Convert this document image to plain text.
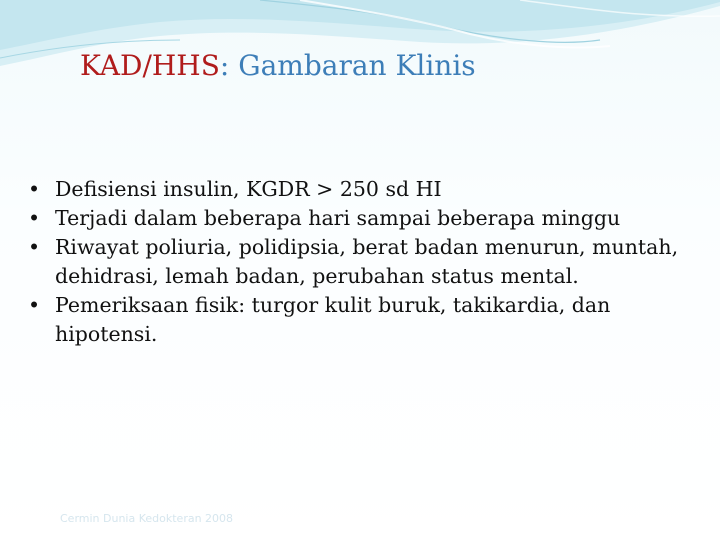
KAD/HHS: Gambaran Klinis
• Defisiensi insulin, KGDR > 250 sd HI
• Terjadi dalam beberapa hari sampai beberapa minggu
• Riwayat poliuria, polidipsia, berat badan menurun, muntah, dehidrasi, lemah badan, perubahan status mental.
• Pemeriksaan fisik: turgor kulit buruk, takikardia, dan hipotensi.
Cermin Dunia Kedokteran 2008
